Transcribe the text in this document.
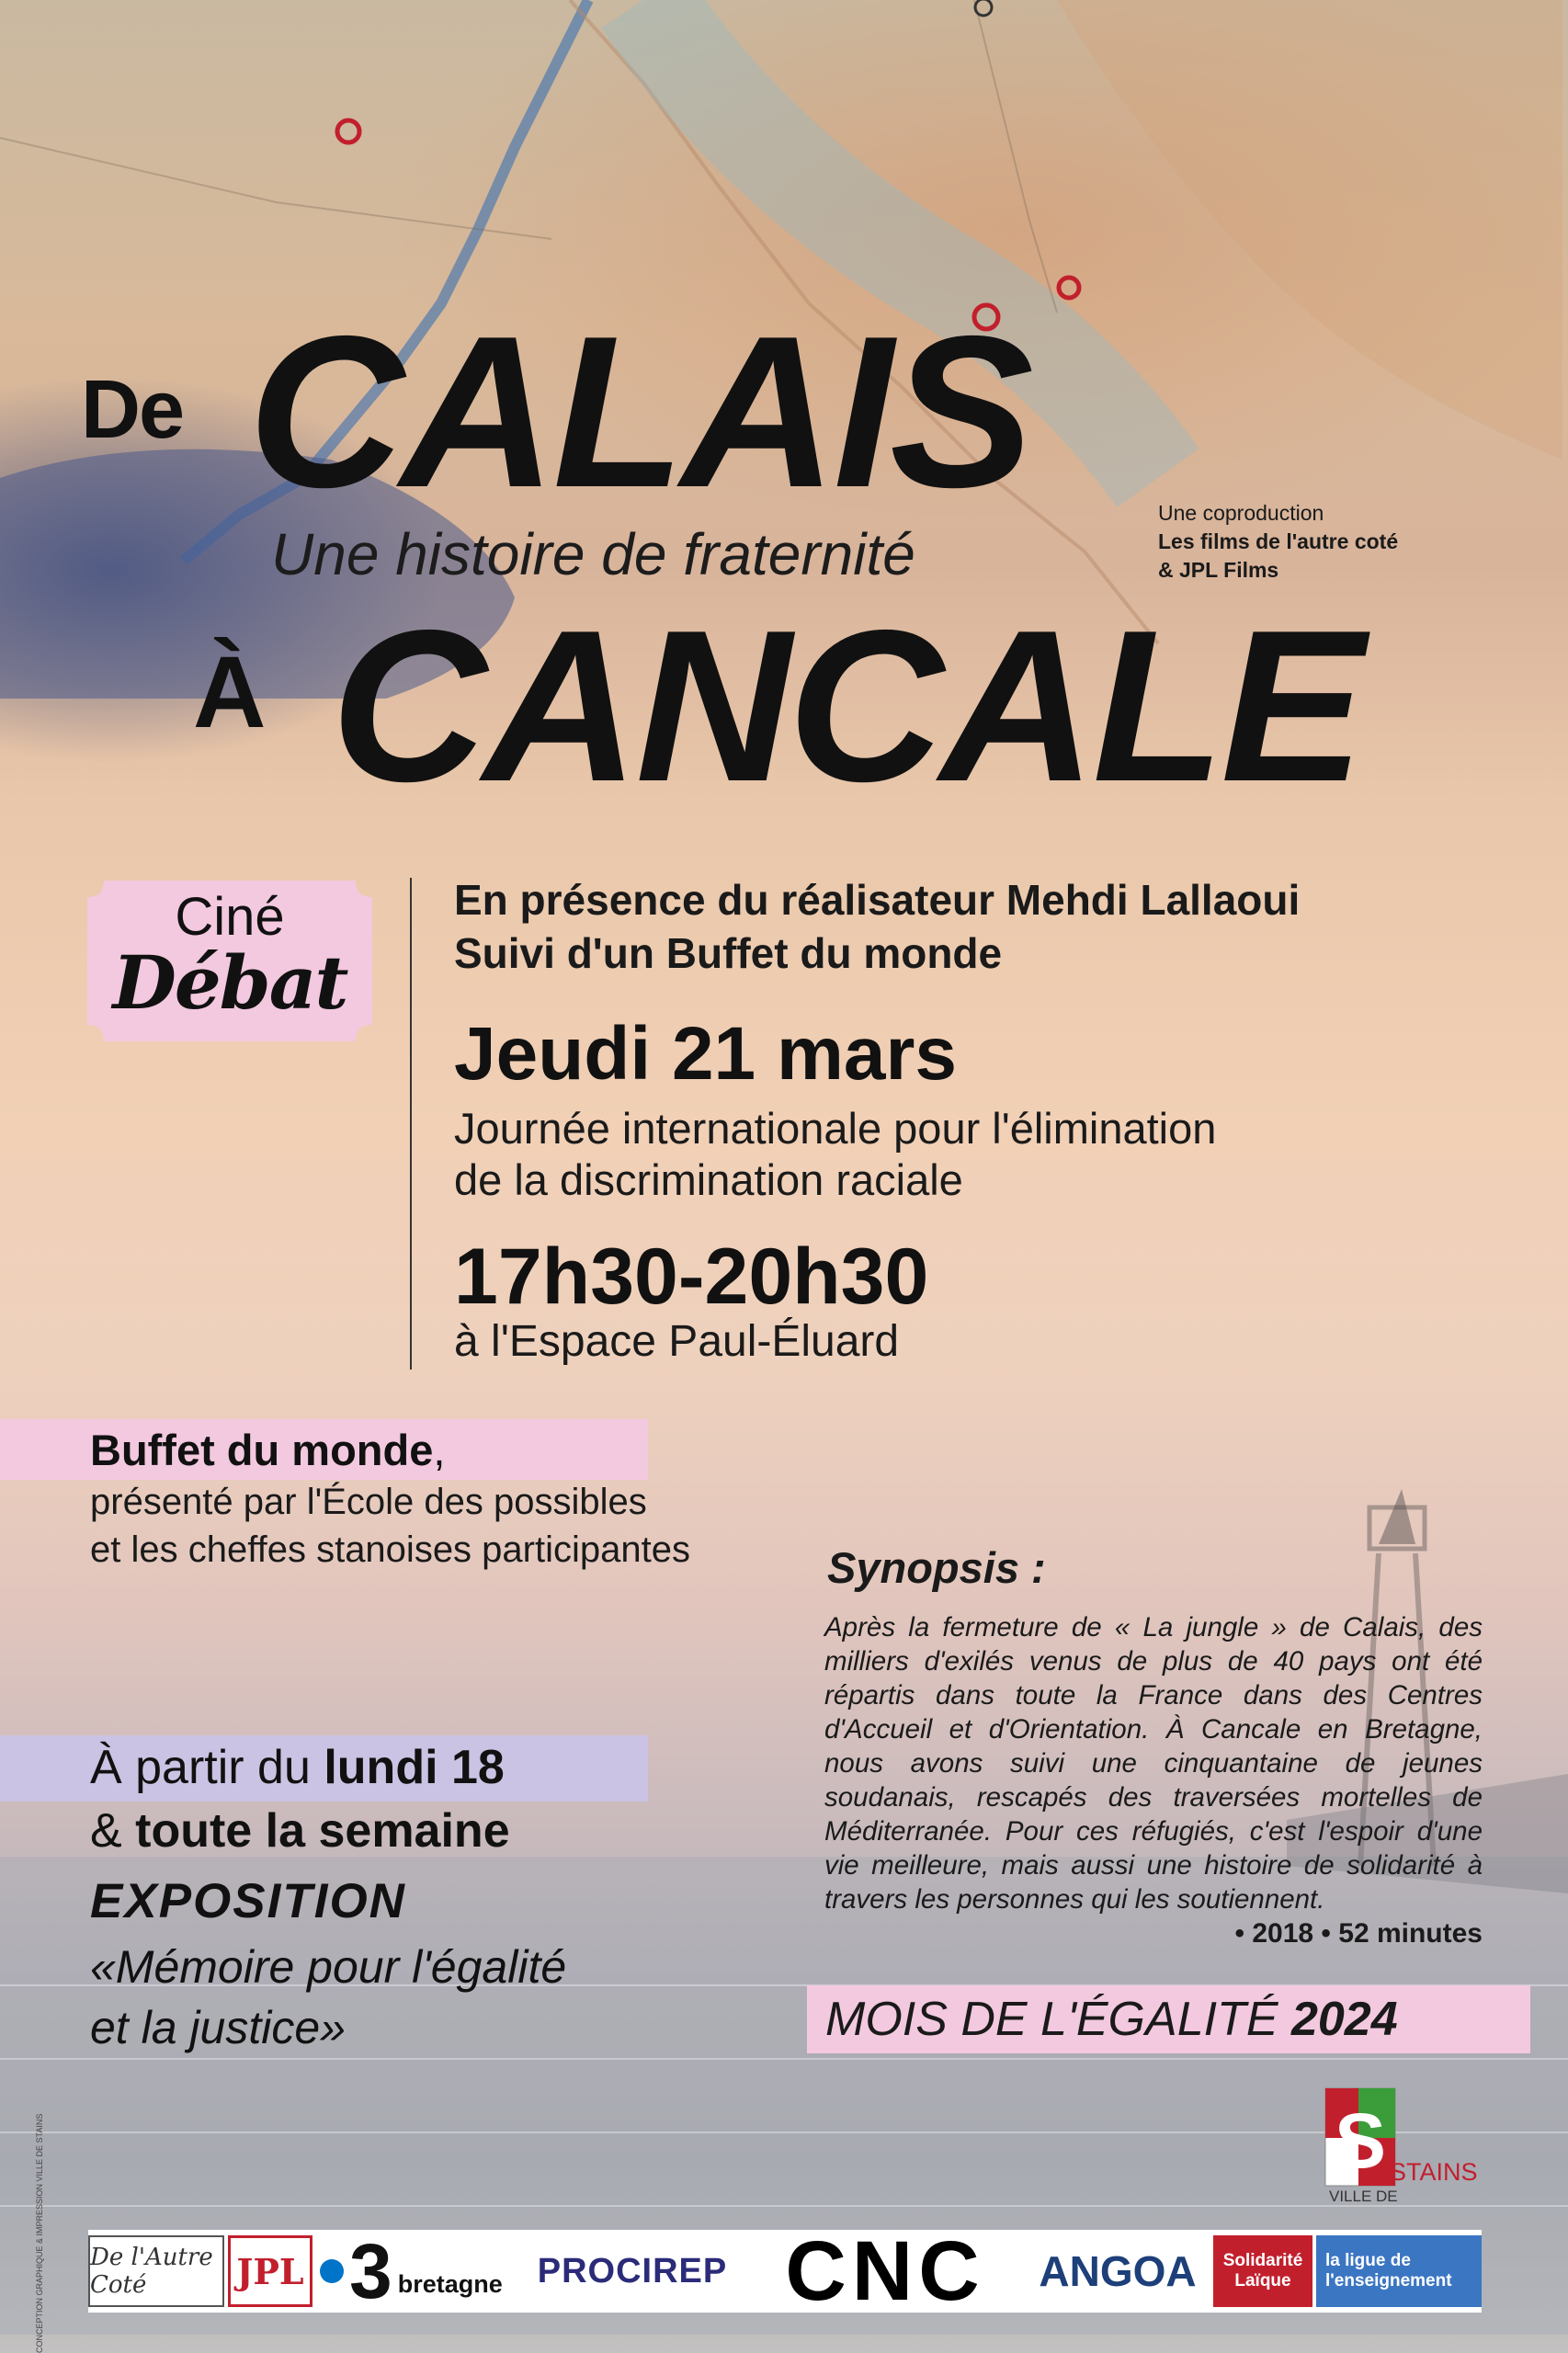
De CALAIS
Une histoire de fraternité
À CANCALE
Une coproduction
Les films de l'autre coté
& JPL Films
Ciné
Débat
En présence du réalisateur Mehdi Lallaoui
Suivi d'un Buffet du monde
Jeudi 21 mars
Journée internationale pour l'élimination
de la discrimination raciale
17h30-20h30
à l'Espace Paul-Éluard
Buffet du monde,
présenté par l'École des possibles
et les cheffes stanoises participantes
À partir du lundi 18
& toute la semaine
EXPOSITION
«Mémoire pour l'égalité
et la justice»
Synopsis :
Après la fermeture de « La jungle » de Calais, des milliers d'exilés venus de plus de 40 pays ont été répartis dans toute la France dans des Centres d'Accueil et d'Orientation. À Cancale en Bretagne, nous avons suivi une cinquantaine de jeunes soudanais, rescapés des traversées mortelles de Méditerranée. Pour ces réfugiés, c'est l'espoir d'une vie meilleure, mais aussi une histoire de solidarité à travers les personnes qui les soutiennent.
• 2018 • 52 minutes
MOIS DE L'ÉGALITÉ 2024
S STAINS
VILLE DE
CONCEPTION GRAPHIQUE & IMPRESSION VILLE DE STAINS	De l'Autre Coté	JPL 3 bretagne	PROCIREP CNC	ANGOA	Solidarité
Laïque
la ligue de
l'enseignement
